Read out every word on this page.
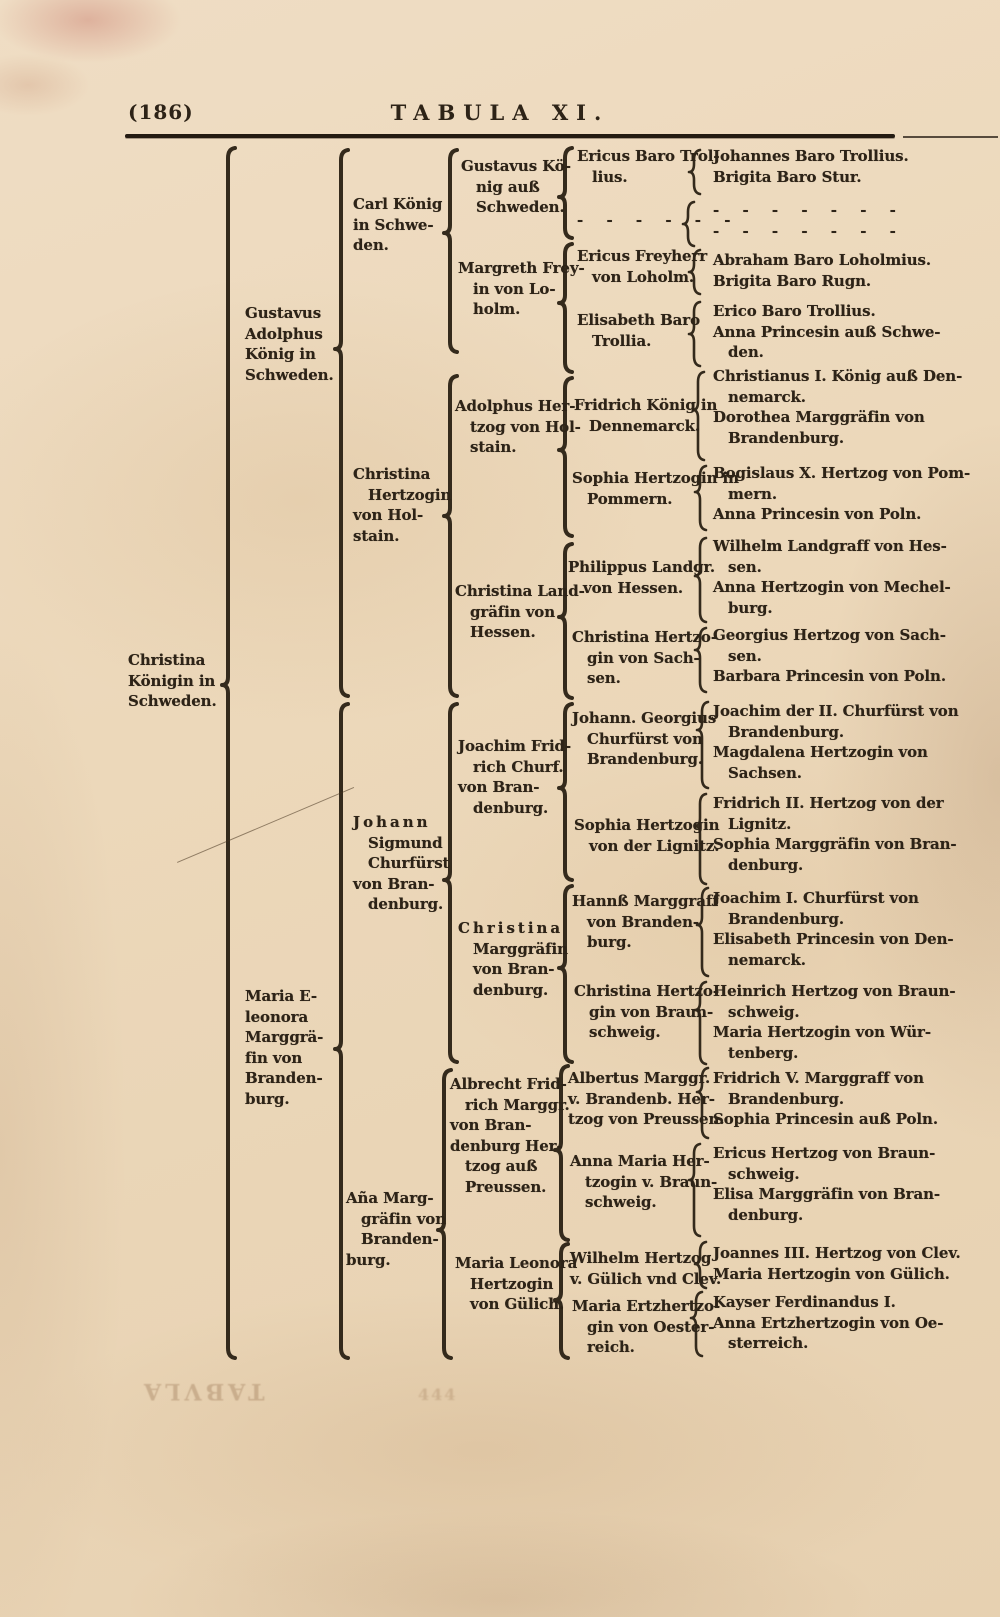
(186)	TABULA XI.
Christina
Königin in
Schweden.
Gustavus
Adolphus
König in
Schweden.
Maria E-
leonora
Marggrä-
fin von
Branden-
burg.
Carl König
in Schwe-
den.
Christina
Hertzogin
von Hol-
stain.
Johann
Sigmund
Churfürst
von Bran-
denburg.
Aña Marg-
gräfin von
Branden-
burg.
Gustavus Kö-
nig auß
Schweden.
Margreth Frey-
in von Lo-
holm.
Adolphus Her-
tzog von Hol-
stain.
Christina Land-
gräfin von
Hessen.
Joachim Frid-
rich Churf.
von Bran-
denburg.
Christina
Marggräfin
von Bran-
denburg.
Albrecht Frid-
rich Marggr.
von Bran-
denburg Her-
tzog auß
Preussen.
Maria Leonora
Hertzogin
von Gülich.
Ericus Baro Trol-
lius.
- - - - - -
Ericus Freyherr
von Loholm.
Elisabeth Baro
Trollia.
Fridrich König in
Dennemarck.
Sophia Hertzogin in
Pommern.
Philippus Landgr.
von Hessen.
Christina Hertzo-
gin von Sach-
sen.
Johann. Georgius
Churfürst von
Brandenburg.
Sophia Hertzogin
von der Lignitz.
Hannß Marggraff
von Branden-
burg.
Christina Hertzo-
gin von Braun-
schweig.
Albertus Marggr.
v. Brandenb. Her-
tzog von Preussen.
Anna Maria Her-
tzogin v. Braun-
schweig.
Wilhelm Hertzog
v. Gülich vnd Clev.
Maria Ertzhertzo-
gin von Oester-
reich.
Johannes Baro Trollius.
Brigita Baro Stur.
- - - - - - -
- - - - - - -
Abraham Baro Loholmius.
Brigita Baro Rugn.
Erico Baro Trollius.
Anna Princesin auß Schwe-
den.
Christianus I. König auß Den-
nemarck.
Dorothea Marggräfin von
Brandenburg.
Bogislaus X. Hertzog von Pom-
mern.
Anna Princesin von Poln.
Wilhelm Landgraff von Hes-
sen.
Anna Hertzogin von Mechel-
burg.
Georgius Hertzog von Sach-
sen.
Barbara Princesin von Poln.
Joachim der II. Churfürst von
Brandenburg.
Magdalena Hertzogin von
Sachsen.
Fridrich II. Hertzog von der
Lignitz.
Sophia Marggräfin von Bran-
denburg.
Joachim I. Churfürst von
Brandenburg.
Elisabeth Princesin von Den-
nemarck.
Heinrich Hertzog von Braun-
schweig.
Maria Hertzogin von Wür-
tenberg.
Fridrich V. Marggraff von
Brandenburg.
Sophia Princesin auß Poln.
Ericus Hertzog von Braun-
schweig.
Elisa Marggräfin von Bran-
denburg.
Joannes III. Hertzog von Clev.
Maria Hertzogin von Gülich.
Kayser Ferdinandus I.
Anna Ertzhertzogin von Oe-
sterreich.
TABVLA	444
